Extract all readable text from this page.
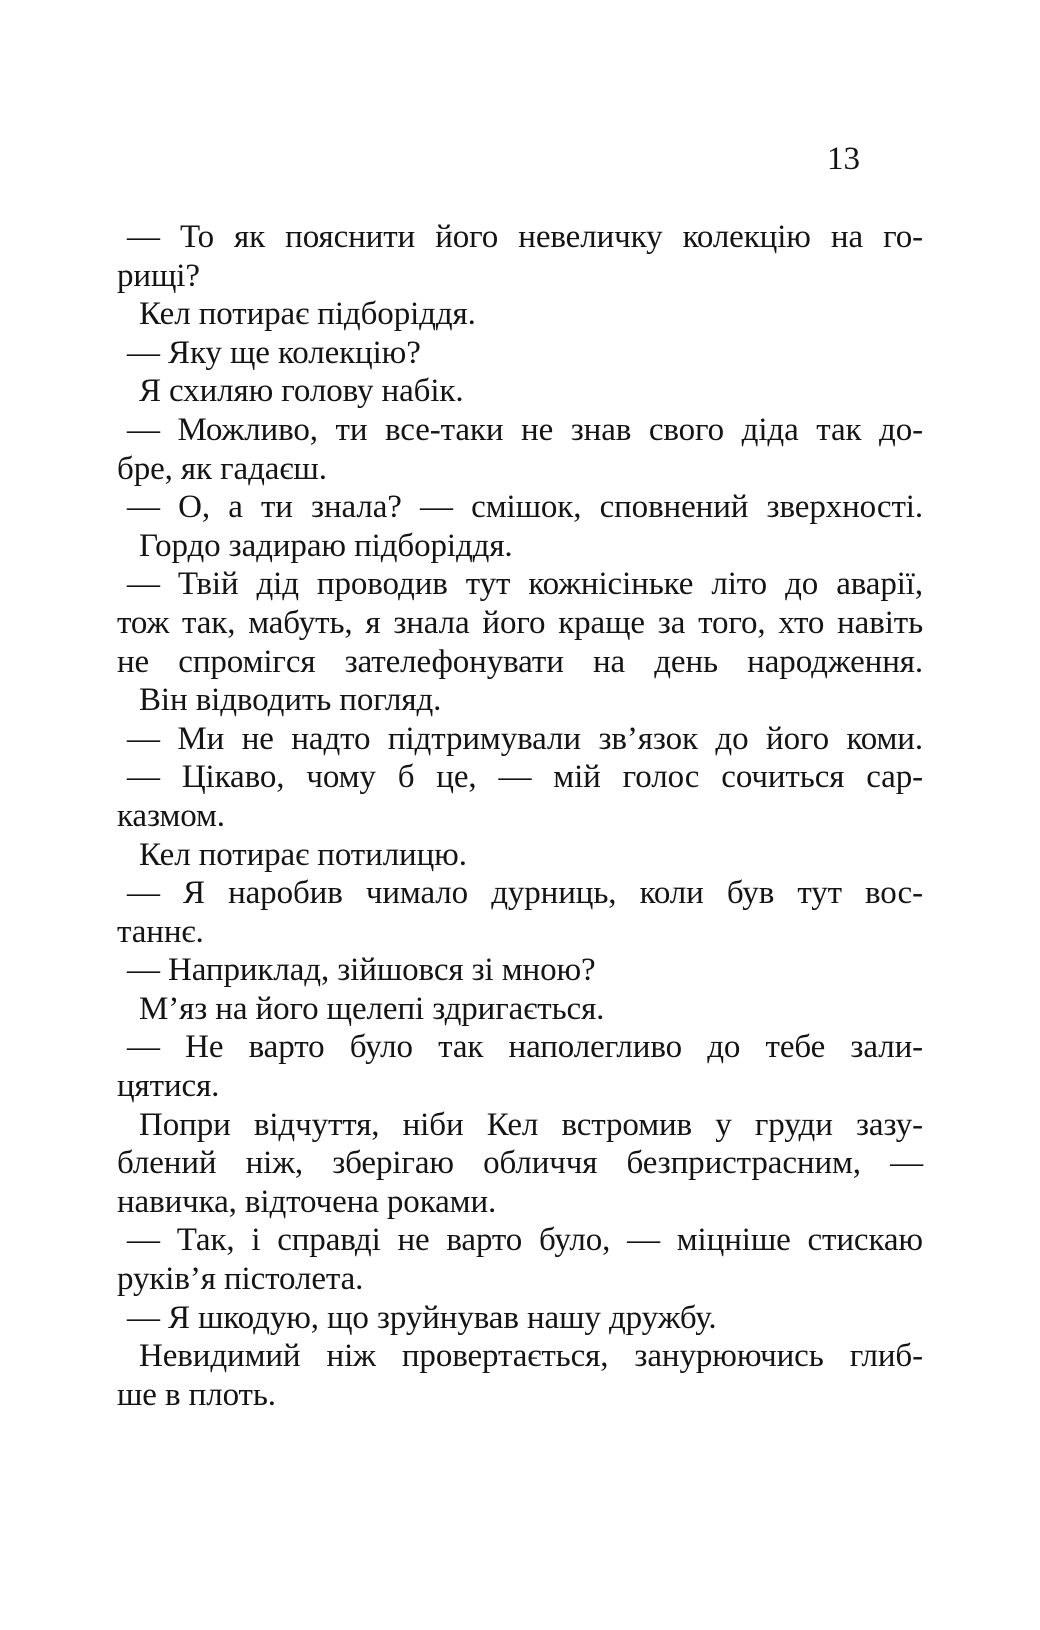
13

— То як пояснити його невеличку колекцію на го-
рищі?

Кел потирає підборіддя.

— Яку ще колекцію?

Я схиляю голову набік.

— Можливо, ти все-таки не знав свого діда так до-
бре, як гадаєш.

— О, а ти знала? — смішок, сповнений зверхності.

Гордо задираю підборіддя.

— Твій дід проводив тут кожнісіньке літо до аварії,
тож так, мабуть, я знала його краще за того, хто навіть
не спромігся зателефонувати на день народження.

Він відводить погляд.

— Ми не надто підтримували зв’язок до його коми.

— Цікаво, чому б це, — мій голос сочиться сар-
казмом.

Кел потирає потилицю.

— Я наробив чимало дурниць, коли був тут вос-
таннє.

— Наприклад, зійшовся зі мною?

М’яз на його щелепі здригається.

— Не варто було так наполегливо до тебе зали-
цятися.

Попри відчуття, ніби Кел встромив у груди зазу-
блений ніж, зберігаю обличчя безпристрасним, —
навичка, відточена роками.

— Так, і справді не варто було, — міцніше стискаю
руків’я пістолета.

— Я шкодую, що зруйнував нашу дружбу.

Невидимий ніж провертається, занурюючись глиб-
ше в плоть.
